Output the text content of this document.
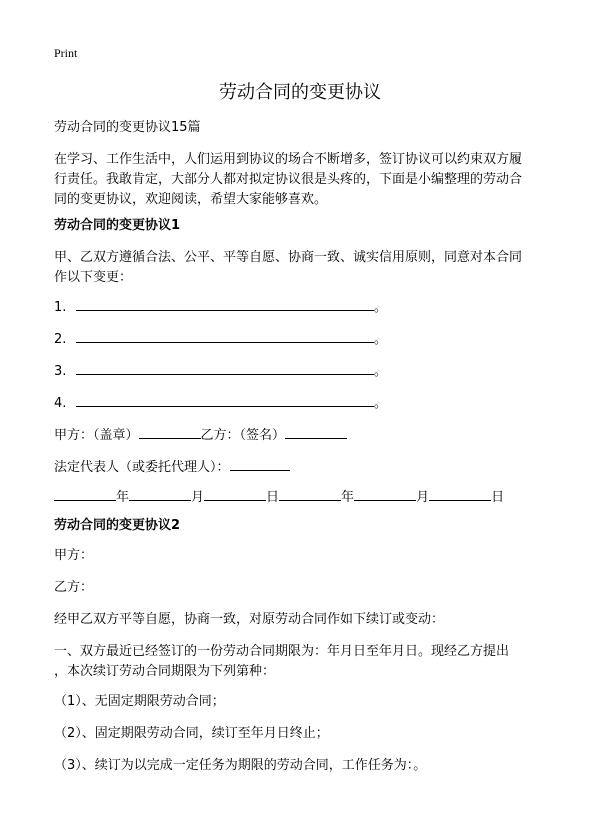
Print
劳动合同的变更协议
劳动合同的变更协议15篇
在学习、工作生活中，人们运用到协议的场合不断增多，签订协议可以约束双方履
行责任。我敢肯定，大部分人都对拟定协议很是头疼的，下面是小编整理的劳动合
同的变更协议，欢迎阅读，希望大家能够喜欢。
劳动合同的变更协议1
甲、乙双方遵循合法、公平、平等自愿、协商一致、诚实信用原则，同意对本合同
作以下变更：
1.	。
2.	。
3.	。
4.	。
甲方：（盖章）	乙方：（签名）
法定代表人（或委托代理人）：
年	月	日	年	月	日
劳动合同的变更协议2
甲方：
乙方：
经甲乙双方平等自愿，协商一致，对原劳动合同作如下续订或变动：
一、双方最近已经签订的一份劳动合同期限为：年月日至年月日。现经乙方提出
，本次续订劳动合同期限为下列第种：
（1）、无固定期限劳动合同；
（2）、固定期限劳动合同，续订至年月日终止；
（3）、续订为以完成一定任务为期限的劳动合同，工作任务为：。
